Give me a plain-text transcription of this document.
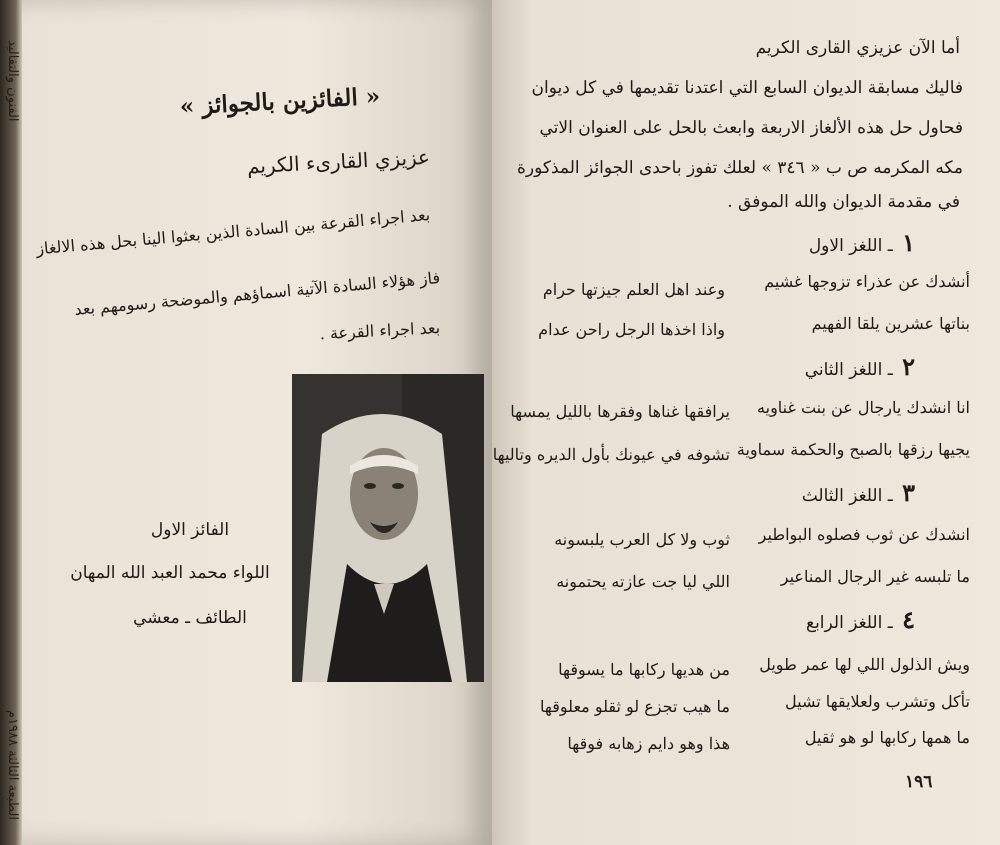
الفنون والتقاليد
الطبعة الثالثة ١٩٨٨م
« الفائزين بالجوائز »
عزيزي القارىء الكريم
بعد اجراء القرعة بين السادة الذين بعثوا الينا بحل هذه الالغاز
فاز هؤلاء السادة الآتية اسماؤهم والموضحة رسومهم بعد
بعد اجراء القرعة .
الفائز الاول
اللواء محمد العبد الله المهان
الطائف ـ معشي
أما الآن عزيزي القارى الكريم
فاليك مسابقة الديوان السابع التي اعتدنا تقديمها في كل ديوان
فحاول حل هذه الألغاز الاربعة وابعث بالحل على العنوان الاتي
مكه المكرمه ص ب « ٣٤٦ » لعلك تفوز باحدى الجوائز المذكورة
في مقدمة الديوان والله الموفق .
١ ـ اللغز الاول
أنشدك عن عذراء تزوجها غشيم
وعند اهل العلم جيزتها حرام
بناتها عشرين يلقا الفهيم
واذا اخذها الرجل راحن عدام
٢ ـ اللغز الثاني
انا انشدك يارجال عن بنت غناويه
يرافقها غناها وفقرها بالليل يمسها
يجيها رزقها بالصبح والحكمة سماوية
تشوفه في عيونك بأول الديره وتاليها
٣ ـ اللغز الثالث
انشدك عن ثوب فصلوه البواطير
ثوب ولا كل العرب يلبسونه
ما تلبسه غير الرجال المناعير
اللي ليا جت عازته يحتمونه
٤ ـ اللغز الرابع
ويش الذلول اللي لها عمر طويل
من هديها ركابها ما يسوقها
تأكل وتشرب ولعلايقها تشيل
ما هيب تجزع لو ثقلو معلوقها
ما همها ركابها لو هو ثقيل
هذا وهو دايم زهابه فوقها
١٩٦
